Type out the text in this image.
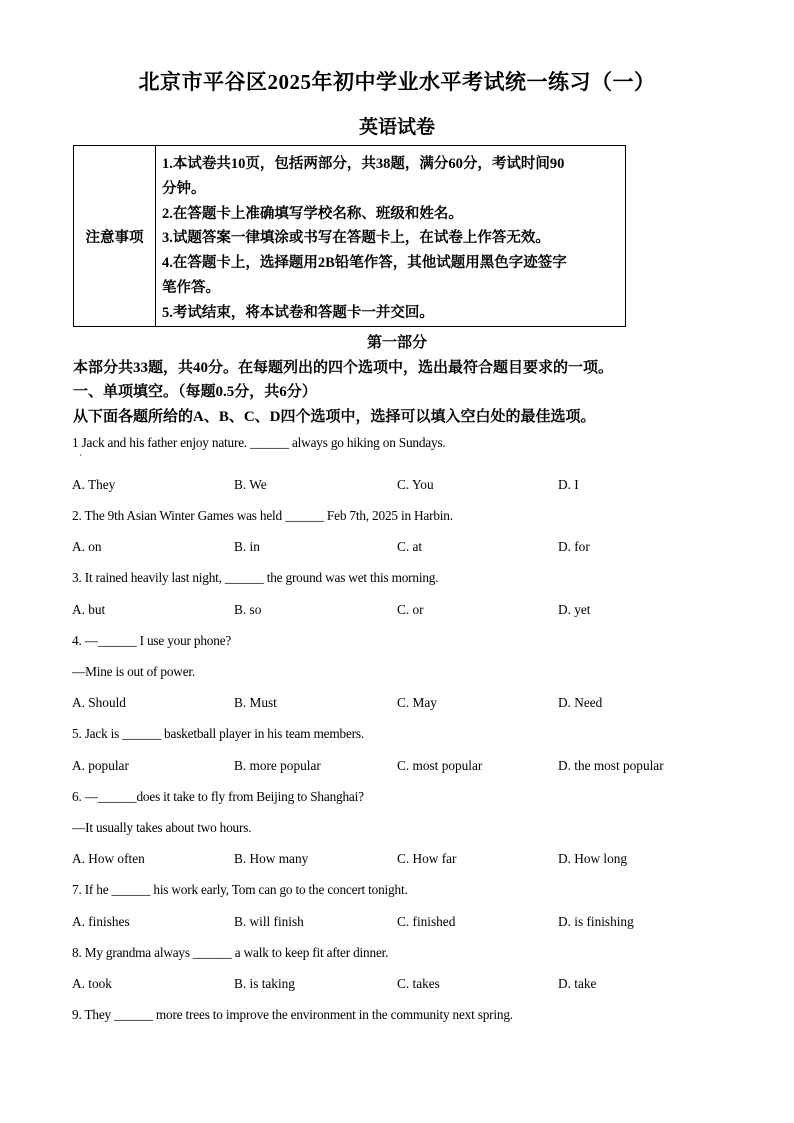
北京市平谷区2025年初中学业水平考试统一练习（一）
英语试卷
注意事项
1.本试卷共10页，包括两部分，共38题，满分60分，考试时间90
分钟。
2.在答题卡上准确填写学校名称、班级和姓名。
3.试题答案一律填涂或书写在答题卡上，在试卷上作答无效。
4.在答题卡上，选择题用2B铅笔作答，其他试题用黑色字迹签字
笔作答。
5.考试结束，将本试卷和答题卡一并交回。
第一部分
本部分共33题，共40分。在每题列出的四个选项中，选出最符合题目要求的一项。
一、单项填空。（每题0.5分，共6分）
从下面各题所给的A、B、C、D四个选项中，选择可以填入空白处的最佳选项。
1 Jack and his father enjoy nature. ______ always go hiking on Sundays.
·
A. They	B. We	C. You	D. I
2. The 9th Asian Winter Games was held ______ Feb 7th, 2025 in Harbin.
A. on	B. in	C. at	D. for
3. It rained heavily last night, ______ the ground was wet this morning.
A. but	B. so	C. or	D. yet
4. —______ I use your phone?
—Mine is out of power.
A. Should	B. Must	C. May	D. Need
5. Jack is ______ basketball player in his team members.
A. popular	B. more popular	C. most popular	D. the most popular
6. —______does it take to fly from Beijing to Shanghai?
—It usually takes about two hours.
A. How often	B. How many	C. How far	D. How long
7. If he ______ his work early, Tom can go to the concert tonight.
A. finishes	B. will finish	C. finished	D. is finishing
8. My grandma always ______ a walk to keep fit after dinner.
A. took	B. is taking	C. takes	D. take
9. They ______ more trees to improve the environment in the community next spring.
